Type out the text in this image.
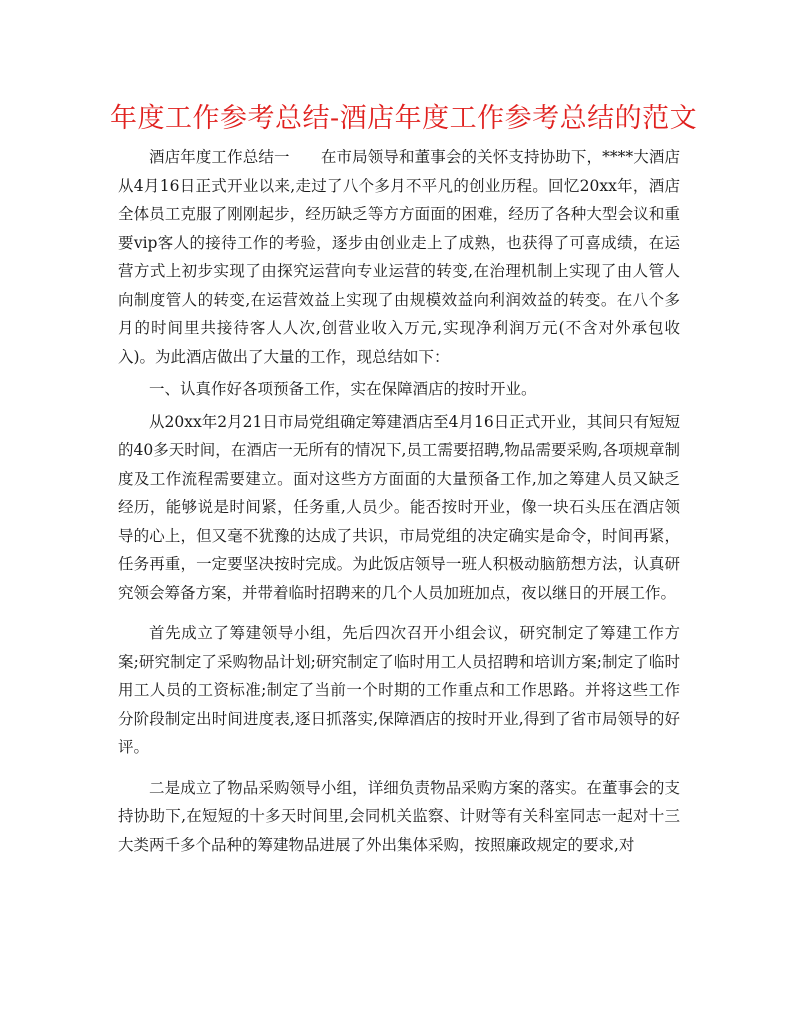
年度工作参考总结-酒店年度工作参考总结的范文

酒店年度工作总结一　　在市局领导和董事会的关怀支持协助下，****大酒店从4月16日正式开业以来,走过了八个多月不平凡的创业历程。回忆20xx年，酒店全体员工克服了刚刚起步，经历缺乏等方方面面的困难，经历了各种大型会议和重要vip客人的接待工作的考验，逐步由创业走上了成熟，也获得了可喜成绩，在运营方式上初步实现了由探究运营向专业运营的转变,在治理机制上实现了由人管人向制度管人的转变,在运营效益上实现了由规模效益向利润效益的转变。在八个多月的时间里共接待客人人次,创营业收入万元,实现净利润万元(不含对外承包收入)。为此酒店做出了大量的工作，现总结如下：

一、认真作好各项预备工作，实在保障酒店的按时开业。

从20xx年2月21日市局党组确定筹建酒店至4月16日正式开业，其间只有短短的40多天时间，在酒店一无所有的情况下,员工需要招聘,物品需要采购,各项规章制度及工作流程需要建立。面对这些方方面面的大量预备工作,加之筹建人员又缺乏经历，能够说是时间紧，任务重,人员少。能否按时开业，像一块石头压在酒店领导的心上，但又毫不犹豫的达成了共识，市局党组的决定确实是命令，时间再紧，任务再重，一定要坚决按时完成。为此饭店领导一班人积极动脑筋想方法，认真研究领会筹备方案，并带着临时招聘来的几个人员加班加点，夜以继日的开展工作。

首先成立了筹建领导小组，先后四次召开小组会议，研究制定了筹建工作方案;研究制定了采购物品计划;研究制定了临时用工人员招聘和培训方案;制定了临时用工人员的工资标准;制定了当前一个时期的工作重点和工作思路。并将这些工作分阶段制定出时间进度表,逐日抓落实,保障酒店的按时开业,得到了省市局领导的好评。

二是成立了物品采购领导小组，详细负责物品采购方案的落实。在董事会的支持协助下,在短短的十多天时间里,会同机关监察、计财等有关科室同志一起对十三大类两千多个品种的筹建物品进展了外出集体采购，按照廉政规定的要求,对
